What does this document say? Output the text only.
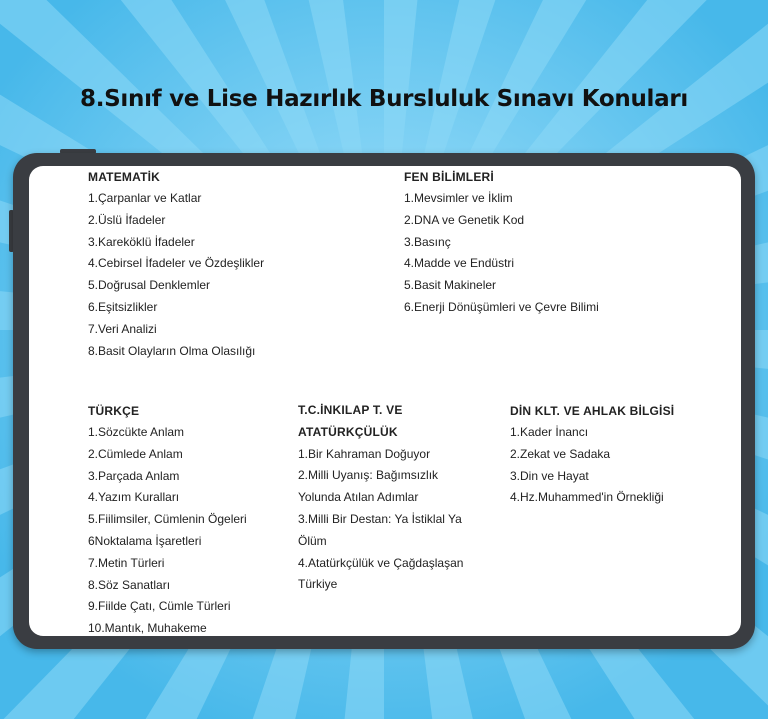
8.Sınıf ve Lise Hazırlık Bursluluk Sınavı Konuları
MATEMATİK
1.Çarpanlar ve Katlar
2.Üslü İfadeler
3.Kareköklü İfadeler
4.Cebirsel İfadeler ve Özdeşlikler
5.Doğrusal Denklemler
6.Eşitsizlikler
7.Veri Analizi
8.Basit Olayların Olma Olasılığı
FEN BİLİMLERİ
1.Mevsimler ve İklim
2.DNA ve Genetik Kod
3.Basınç
4.Madde ve Endüstri
5.Basit Makineler
6.Enerji Dönüşümleri ve Çevre Bilimi
TÜRKÇE
1.Sözcükte Anlam
2.Cümlede Anlam
3.Parçada Anlam
4.Yazım Kuralları
5.Fiilimsiler, Cümlenin Ögeleri
6Noktalama İşaretleri
7.Metin Türleri
8.Söz Sanatları
9.Fiilde Çatı, Cümle Türleri
10.Mantık, Muhakeme
T.C.İNKILAP T. VE ATATÜRKÇÜLÜK
1.Bir Kahraman Doğuyor
2.Milli Uyanış: Bağımsızlık Yolunda Atılan Adımlar
3.Milli Bir Destan: Ya İstiklal Ya Ölüm
4.Atatürkçülük ve Çağdaşlaşan Türkiye
DİN KLT. VE AHLAK BİLGİSİ
1.Kader İnancı
2.Zekat ve Sadaka
3.Din ve Hayat
4.Hz.Muhammed'in Örnekliği
